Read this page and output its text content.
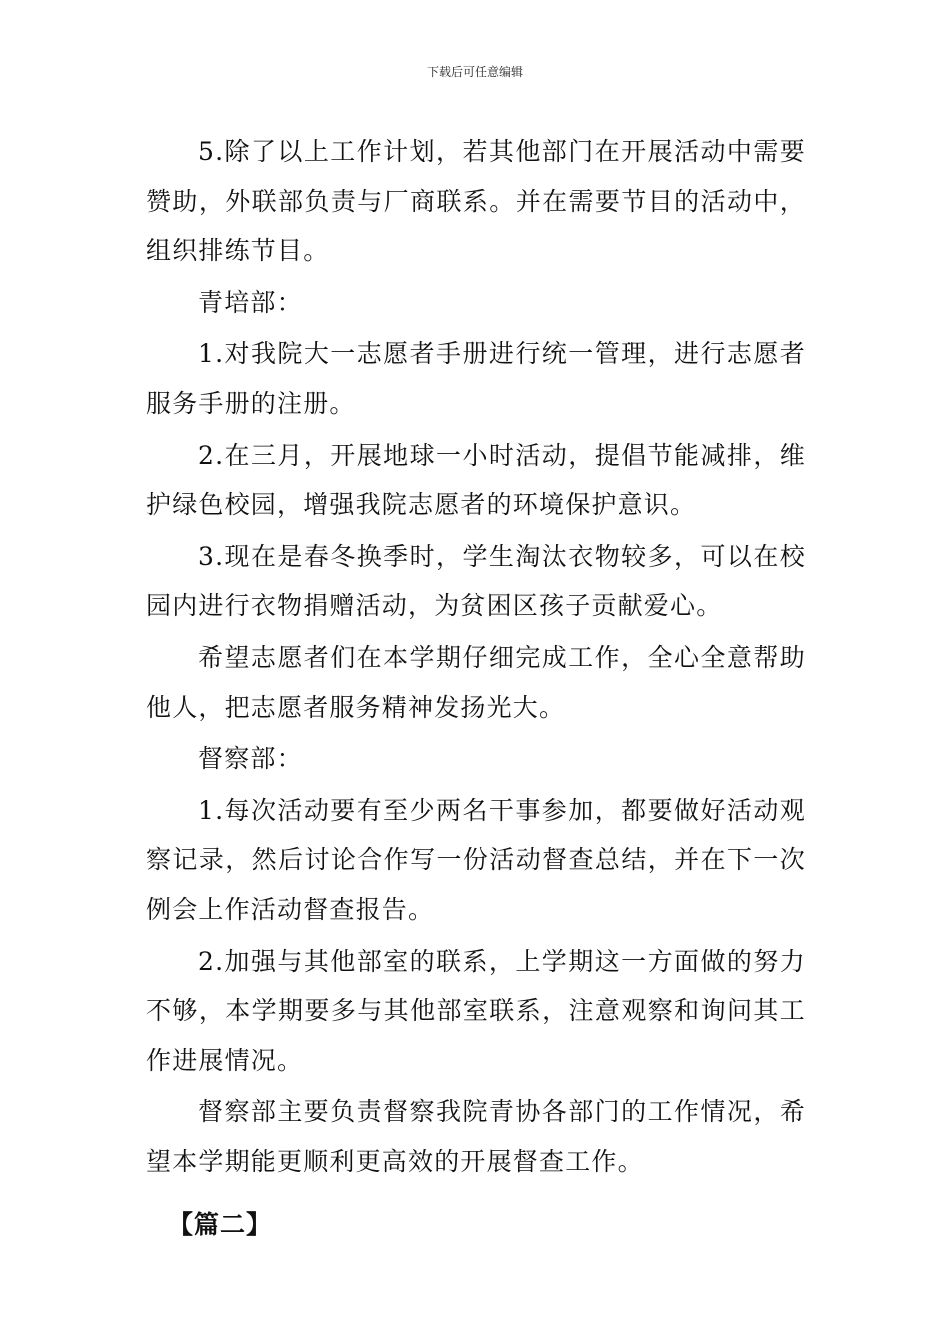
下载后可任意编辑

5.除了以上工作计划，若其他部门在开展活动中需要赞助，外联部负责与厂商联系。并在需要节目的活动中，组织排练节目。

青培部：

1.对我院大一志愿者手册进行统一管理，进行志愿者服务手册的注册。

2.在三月，开展地球一小时活动，提倡节能减排，维护绿色校园，增强我院志愿者的环境保护意识。

3.现在是春冬换季时，学生淘汰衣物较多，可以在校园内进行衣物捐赠活动，为贫困区孩子贡献爱心。

希望志愿者们在本学期仔细完成工作，全心全意帮助他人，把志愿者服务精神发扬光大。

督察部：

1.每次活动要有至少两名干事参加，都要做好活动观察记录，然后讨论合作写一份活动督查总结，并在下一次例会上作活动督查报告。

2.加强与其他部室的联系，上学期这一方面做的努力不够，本学期要多与其他部室联系，注意观察和询问其工作进展情况。

督察部主要负责督察我院青协各部门的工作情况，希望本学期能更顺利更高效的开展督查工作。

【篇二】
